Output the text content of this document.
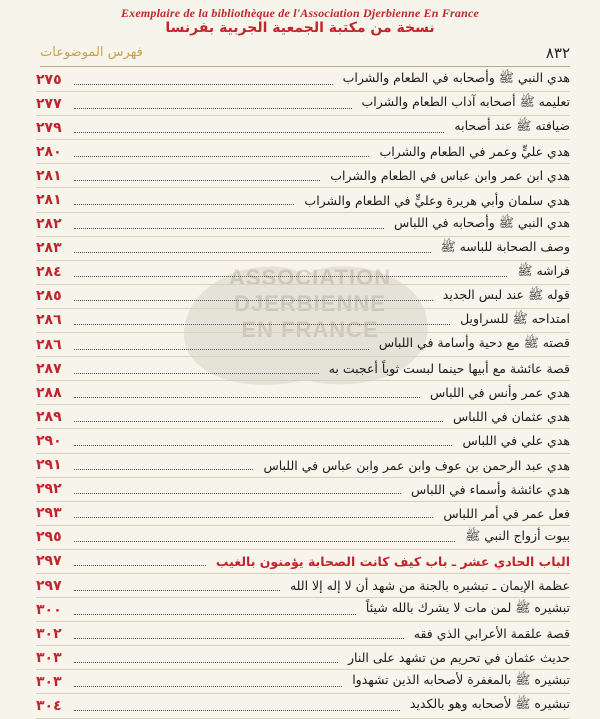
Exemplaire de la bibliothèque de l'Association Djerbienne En France
نسخة من مكتبة الجمعية الجربية بفرنسا
٨٣٢
فهرس الموضوعات
ASSOCIATION
DJERBIENNE
EN FRANCE
هدي النبي ﷺ وأصحابه في الطعام والشراب
٢٧٥
تعليمه ﷺ أصحابه آداب الطعام والشراب
٢٧٧
ضيافته ﷺ عند أصحابه
٢٧٩
هدي عليٍّ وعمر في الطعام والشراب
٢٨٠
هدي ابن عمر وابن عباس في الطعام والشراب
٢٨١
هدي سلمان وأبي هريرة وعليٍّ في الطعام والشراب
٢٨١
هدي النبي ﷺ وأصحابه في اللباس
٢٨٢
وصف الصحابة للباسه ﷺ
٢٨٣
فراشه ﷺ
٢٨٤
قوله ﷺ عند لبس الجديد
٢٨٥
امتداحه ﷺ للسراويل
٢٨٦
قصته ﷺ مع دحية وأسامة في اللباس
٢٨٦
قصة عائشة مع أبيها حينما لبست ثوباً أعجبت به
٢٨٧
هدي عمر وأنس في اللباس
٢٨٨
هدي عثمان في اللباس
٢٨٩
هدي علي في اللباس
٢٩٠
هدي عبد الرحمن بن عوف وابن عمر وابن عباس في اللباس
٢٩١
هدي عائشة وأسماء في اللباس
٢٩٢
فعل عمر في أمر اللباس
٢٩٣
بيوت أزواج النبي ﷺ
٢٩٥
الباب الحادي عشر ـ باب كيف كانت الصحابة يؤمنون بالغيب
٢٩٧
عظمة الإيمان ـ تبشيره بالجنة من شهد أن لا إله إلا الله
٢٩٧
تبشيره ﷺ لمن مات لا يشرك بالله شيئاً
٣٠٠
قصة علقمة الأعرابي الذي فقه
٣٠٢
حديث عثمان في تحريم من تشهد على النار
٣٠٣
تبشيره ﷺ بالمغفرة لأصحابه الذين تشهدوا
٣٠٣
تبشيره ﷺ لأصحابه وهو بالكديد
٣٠٤
